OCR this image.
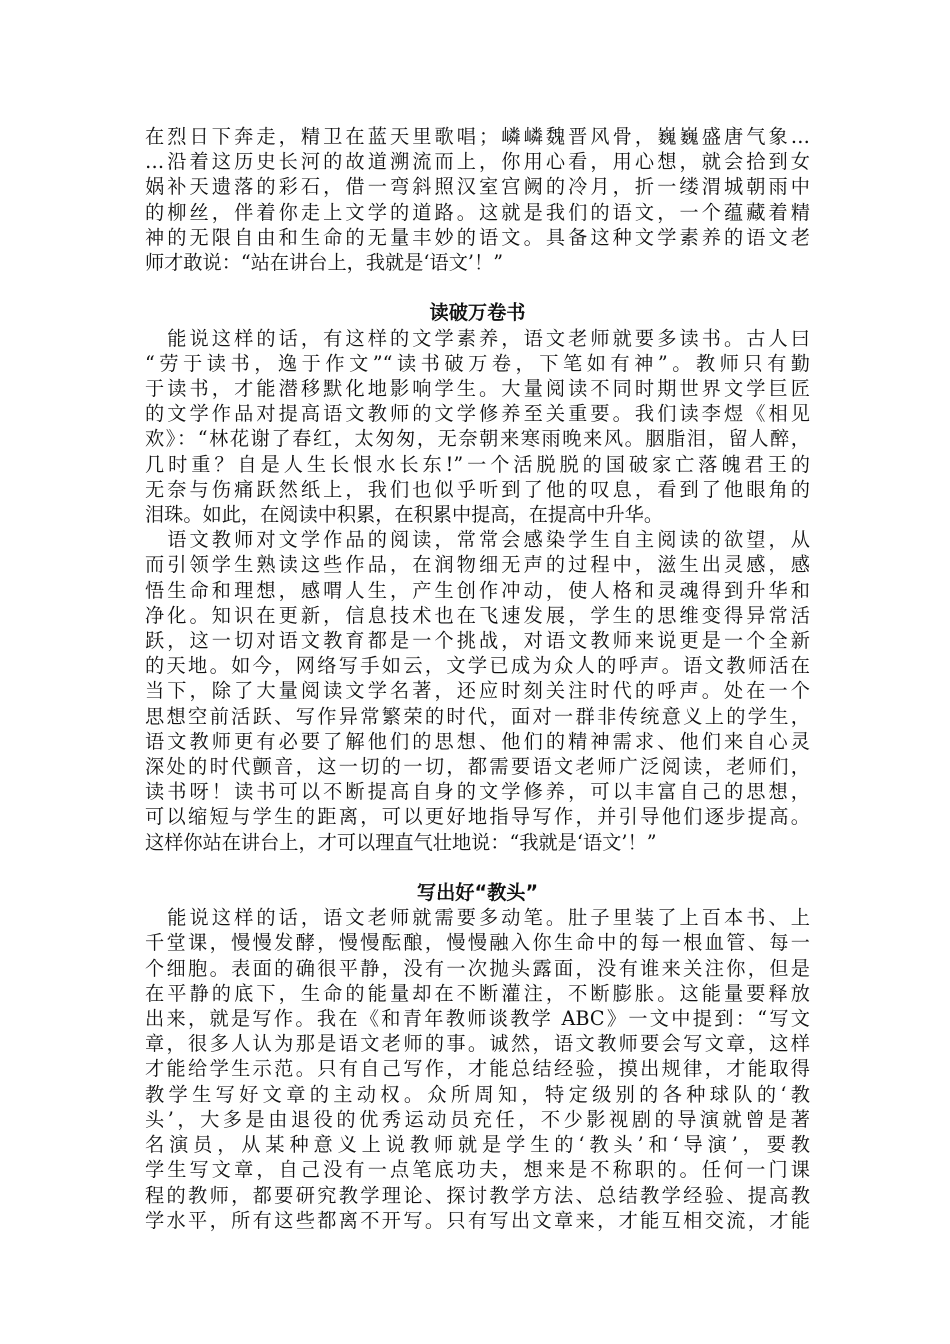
在烈日下奔走，精卫在蓝天里歌唱；嶙嶙魏晋风骨，巍巍盛唐气象…
…沿着这历史长河的故道溯流而上，你用心看，用心想，就会拾到女
娲补天遗落的彩石，借一弯斜照汉室宫阙的冷月，折一缕渭城朝雨中
的柳丝，伴着你走上文学的道路。这就是我们的语文，一个蕴藏着精
神的无限自由和生命的无量丰妙的语文。具备这种文学素养的语文老
师才敢说：“站在讲台上，我就是‘语文’！”
读破万卷书
　能说这样的话，有这样的文学素养，语文老师就要多读书。古人曰
“劳于读书，逸于作文”“读书破万卷，下笔如有神”。教师只有勤
于读书，才能潜移默化地影响学生。大量阅读不同时期世界文学巨匠
的文学作品对提高语文教师的文学修养至关重要。我们读李煜《相见
欢》：“林花谢了春红，太匆匆，无奈朝来寒雨晚来风。胭脂泪，留人醉，
几时重？自是人生长恨水长东!”一个活脱脱的国破家亡落魄君王的
无奈与伤痛跃然纸上，我们也似乎听到了他的叹息，看到了他眼角的
泪珠。如此，在阅读中积累，在积累中提高，在提高中升华。
　语文教师对文学作品的阅读，常常会感染学生自主阅读的欲望，从
而引领学生熟读这些作品，在润物细无声的过程中，滋生出灵感，感
悟生命和理想，感喟人生，产生创作冲动，使人格和灵魂得到升华和
净化。知识在更新，信息技术也在飞速发展，学生的思维变得异常活
跃，这一切对语文教育都是一个挑战，对语文教师来说更是一个全新
的天地。如今，网络写手如云，文学已成为众人的呼声。语文教师活在
当下，除了大量阅读文学名著，还应时刻关注时代的呼声。处在一个
思想空前活跃、写作异常繁荣的时代，面对一群非传统意义上的学生，
语文教师更有必要了解他们的思想、他们的精神需求、他们来自心灵
深处的时代颤音，这一切的一切，都需要语文老师广泛阅读，老师们，
读书呀！读书可以不断提高自身的文学修养，可以丰富自己的思想，
可以缩短与学生的距离，可以更好地指导写作，并引导他们逐步提高。
这样你站在讲台上，才可以理直气壮地说：“我就是‘语文’！”
写出好“教头”
　能说这样的话，语文老师就需要多动笔。肚子里装了上百本书、上
千堂课，慢慢发酵，慢慢酝酿，慢慢融入你生命中的每一根血管、每一
个细胞。表面的确很平静，没有一次抛头露面，没有谁来关注你，但是
在平静的底下，生命的能量却在不断灌注，不断膨胀。这能量要释放
出来，就是写作。我在《和青年教师谈教学 ABC》一文中提到：“写文
章，很多人认为那是语文老师的事。诚然，语文教师要会写文章，这样
才能给学生示范。只有自己写作，才能总结经验，摸出规律，才能取得
教学生写好文章的主动权。众所周知，特定级别的各种球队的‘教
头’，大多是由退役的优秀运动员充任，不少影视剧的导演就曾是著
名演员，从某种意义上说教师就是学生的‘教头’和‘导演’，要教
学生写文章，自己没有一点笔底功夫，想来是不称职的。任何一门课
程的教师，都要研究教学理论、探讨教学方法、总结教学经验、提高教
学水平，所有这些都离不开写。只有写出文章来，才能互相交流，才能
